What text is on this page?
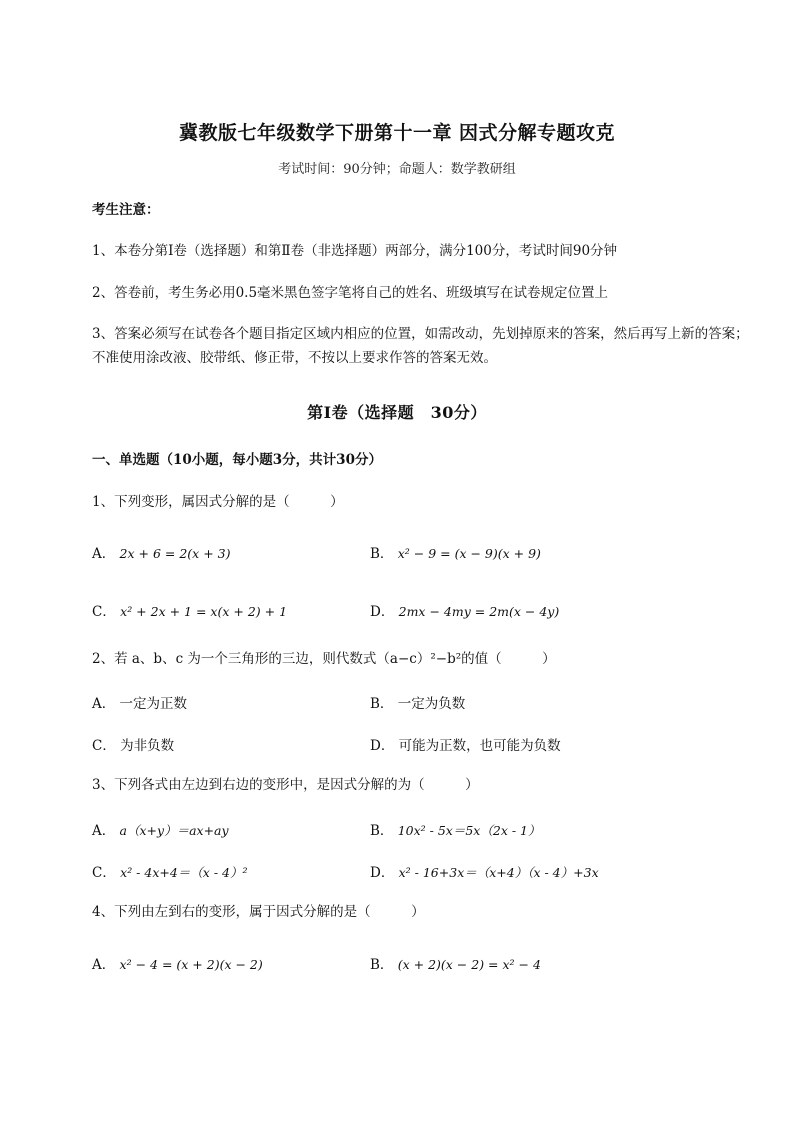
冀教版七年级数学下册第十一章 因式分解专题攻克
考试时间：90分钟；命题人：数学教研组
考生注意：
1、本卷分第I卷（选择题）和第Ⅱ卷（非选择题）两部分，满分100分，考试时间90分钟
2、答卷前，考生务必用0.5毫米黑色签字笔将自己的姓名、班级填写在试卷规定位置上
3、答案必须写在试卷各个题目指定区域内相应的位置，如需改动，先划掉原来的答案，然后再写上新的答案；不准使用涂改液、胶带纸、修正带，不按以上要求作答的答案无效。
第I卷（选择题　30分）
一、单选题（10小题，每小题3分，共计30分）
1、下列变形，属因式分解的是（　　　）
A． 2x + 6 = 2(x + 3)	B． x² − 9 = (x − 9)(x + 9)
C． x² + 2x + 1 = x(x + 2) + 1	D． 2mx − 4my = 2m(x − 4y)
2、若 a、b、c 为一个三角形的三边，则代数式（a−c）²−b²的值（　　　）
A． 一定为正数	B． 一定为负数
C． 为非负数	D． 可能为正数，也可能为负数
3、下列各式由左边到右边的变形中，是因式分解的为（　　　）
A． a（x+y）＝ax+ay	B． 10x² - 5x＝5x（2x - 1）
C． x² - 4x+4＝（x - 4）²	D． x² - 16+3x＝（x+4）（x - 4）+3x
4、下列由左到右的变形，属于因式分解的是（　　　）
A． x² − 4 = (x + 2)(x − 2)	B． (x + 2)(x − 2) = x² − 4
